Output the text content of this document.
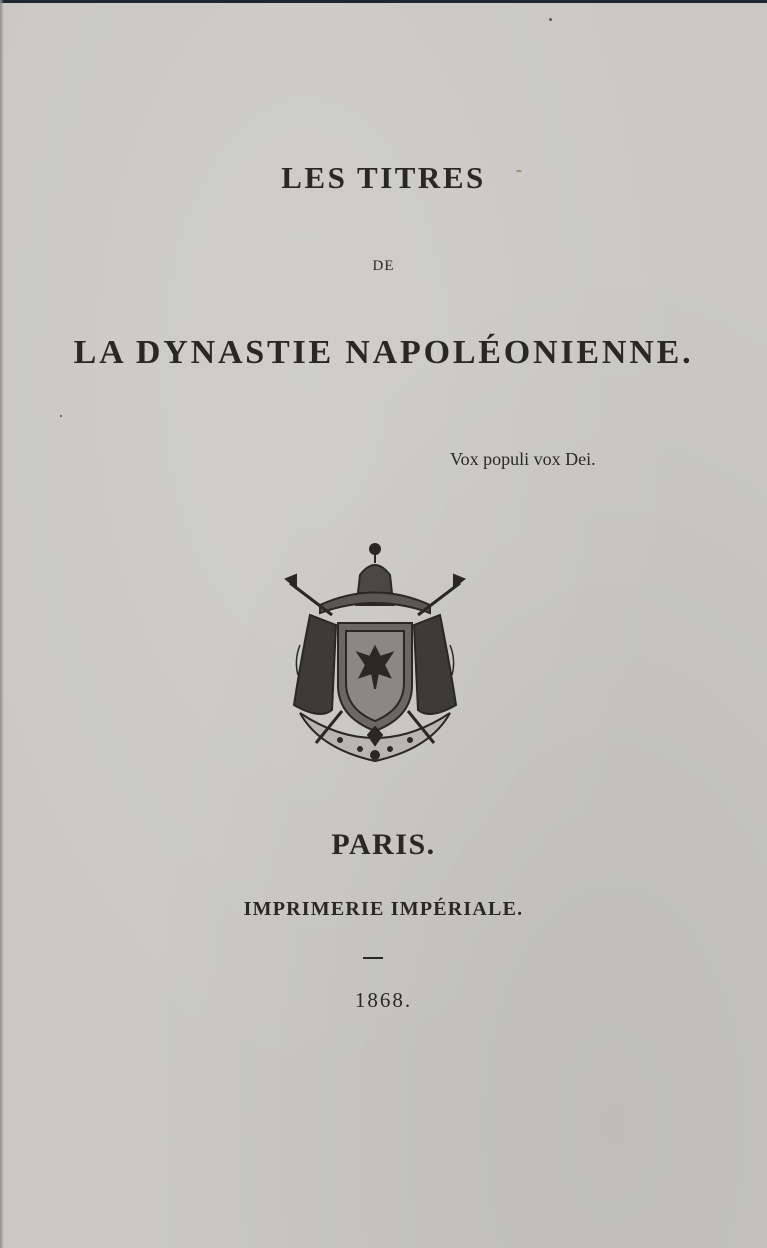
LES TITRES
DE
LA DYNASTIE NAPOLÉONIENNE.
Vox populi vox Dei.
PARIS.
IMPRIMERIE IMPÉRIALE.
1868.
